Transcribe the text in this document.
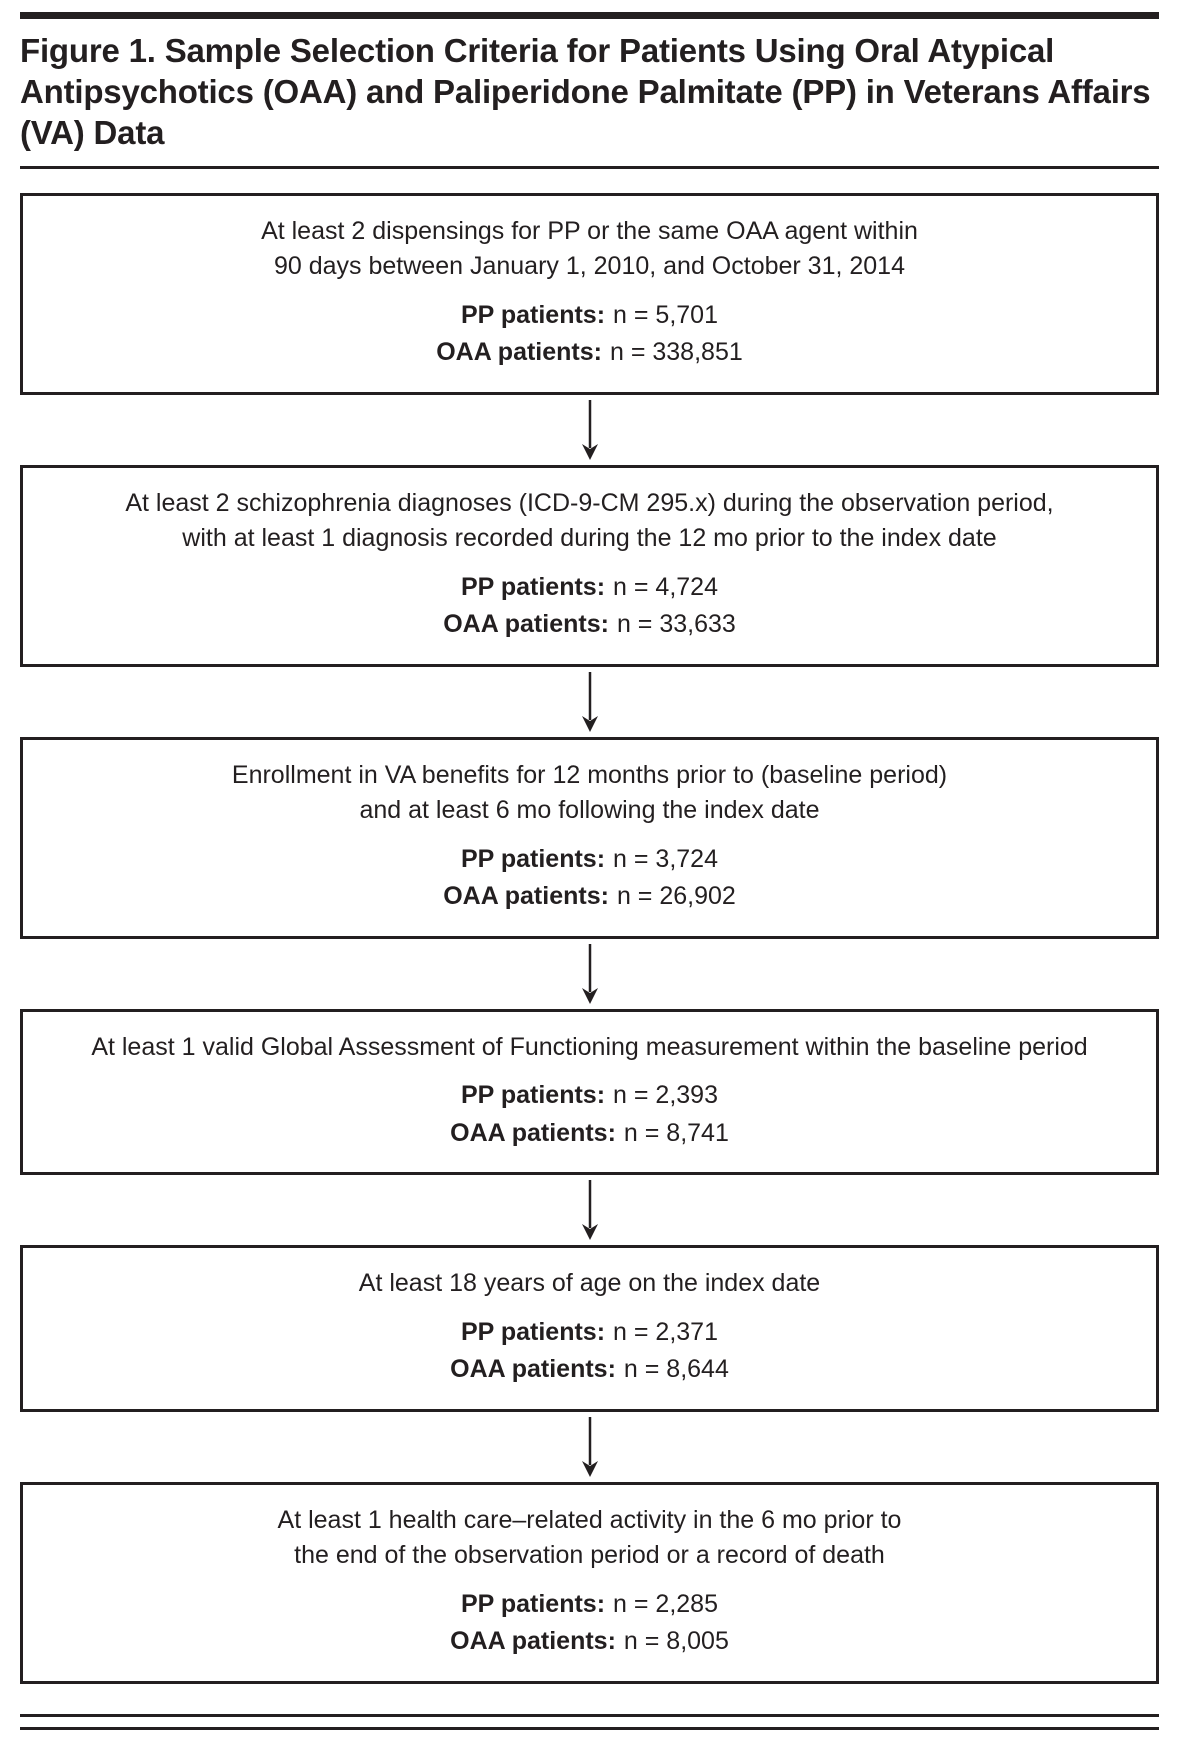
Figure 1. Sample Selection Criteria for Patients Using Oral Atypical Antipsychotics (OAA) and Paliperidone Palmitate (PP) in Veterans Affairs (VA) Data
At least 2 dispensings for PP or the same OAA agent within
90 days between January 1, 2010, and October 31, 2014
PP patients: n = 5,701
OAA patients: n = 338,851
At least 2 schizophrenia diagnoses (ICD-9-CM 295.x) during the observation period,
with at least 1 diagnosis recorded during the 12 mo prior to the index date
PP patients: n = 4,724
OAA patients: n = 33,633
Enrollment in VA benefits for 12 months prior to (baseline period)
and at least 6 mo following the index date
PP patients: n = 3,724
OAA patients: n = 26,902
At least 1 valid Global Assessment of Functioning measurement within the baseline period
PP patients: n = 2,393
OAA patients: n = 8,741
At least 18 years of age on the index date
PP patients: n = 2,371
OAA patients: n = 8,644
At least 1 health care–related activity in the 6 mo prior to
the end of the observation period or a record of death
PP patients: n = 2,285
OAA patients: n = 8,005
